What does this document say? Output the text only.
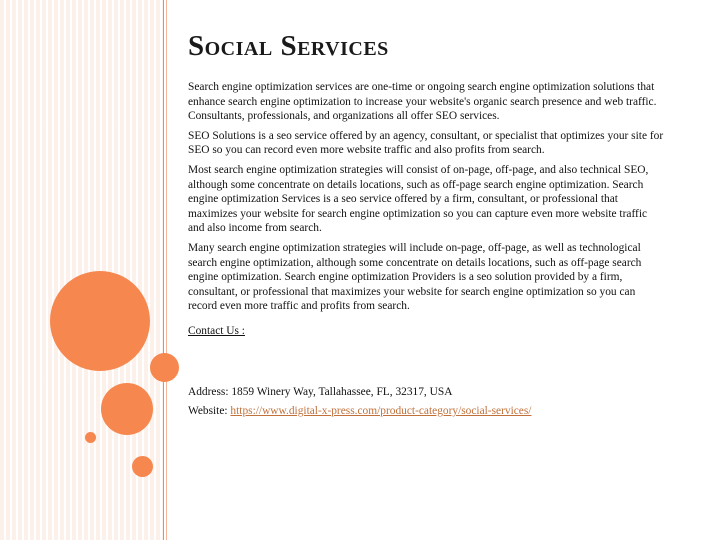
Social Services

Search engine optimization services are one-time or ongoing search engine optimization solutions that enhance search engine optimization to increase your website's organic search presence and web traffic. Consultants, professionals, and organizations all offer SEO services.

SEO Solutions is a seo service offered by an agency, consultant, or specialist that optimizes your site for SEO so you can record even more website traffic and also profits from search.

Most search engine optimization strategies will consist of on-page, off-page, and also technical SEO, although some concentrate on details locations, such as off-page search engine optimization. Search engine optimization Services is a seo service offered by a firm, consultant, or professional that maximizes your website for search engine optimization so you can capture even more website traffic and also income from search.

Many search engine optimization strategies will include on-page, off-page, as well as technological search engine optimization, although some concentrate on details locations, such as off-page search engine optimization. Search engine optimization Providers is a seo solution provided by a firm, consultant, or professional that maximizes your website for search engine optimization so you can record even more traffic and profits from search.

Contact Us :

Address: 1859 Winery Way, Tallahassee, FL, 32317, USA

Website: https://www.digital-x-press.com/product-category/social-services/
